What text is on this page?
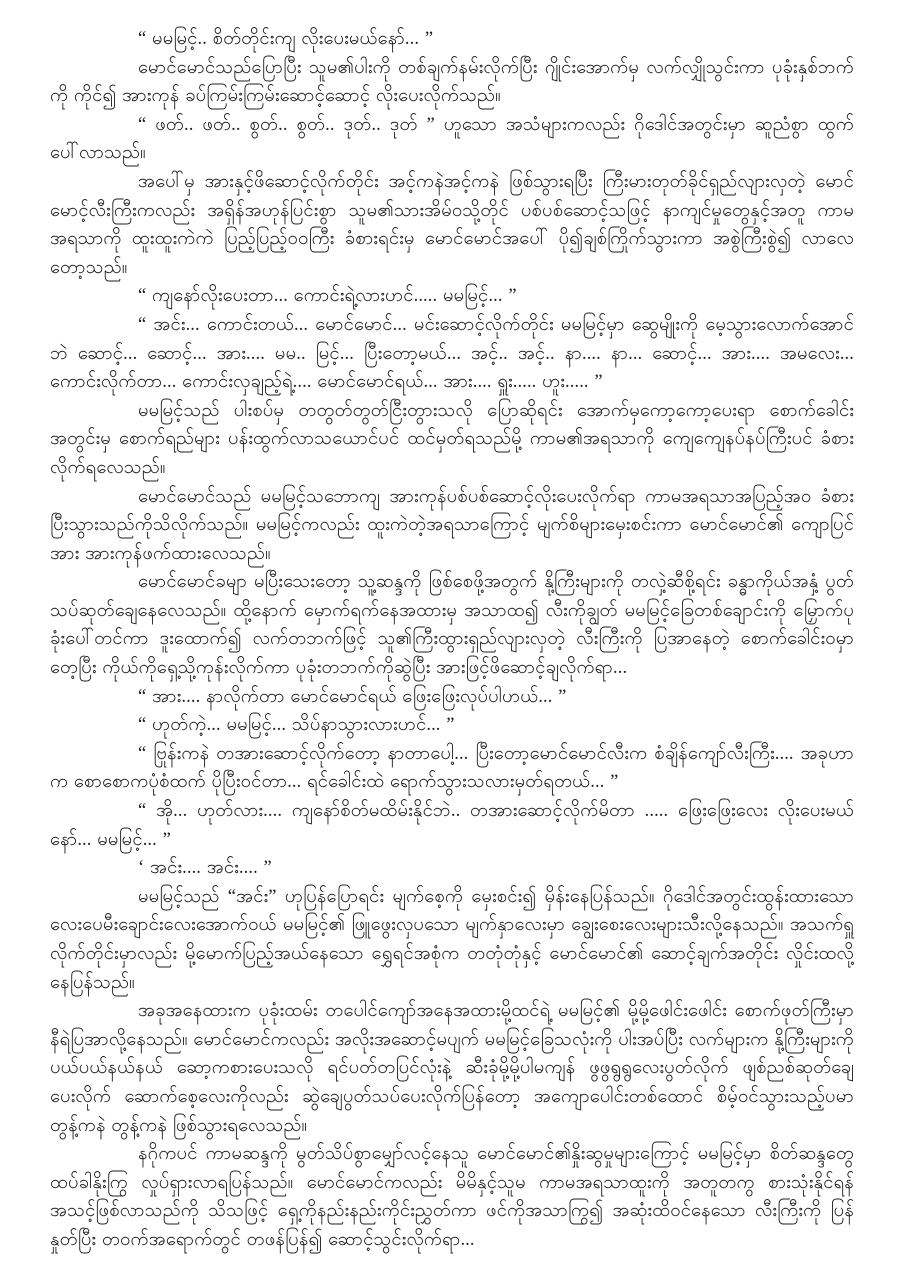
“ မမမြင့်.. စိတ်တိုင်းကျ လိုးပေးမယ်နော်... ”

မောင်မောင်သည်ပြောပြီး သူမ၏ပါးကို တစ်ချက်နမ်းလိုက်ပြီး ဂျိုင်းအောက်မှ လက်လျှိုသွင်းကာ ပုခုံးနှစ်ဘက်ကို ကိုင်၍ အားကုန် ခပ်ကြမ်းကြမ်းဆောင့်ဆောင့် လိုးပေးလိုက်သည်။

“ ဖတ်.. ဖတ်.. စွတ်.. စွတ်.. ဒုတ်.. ဒုတ် ” ဟူသော အသံများကလည်း ဂိုဒေါင်အတွင်းမှာ ဆူညံစွာ ထွက်ပေါ်လာသည်။

အပေါ်မှ အားနှင့်ဖိဆောင့်လိုက်တိုင်း အင့်ကနဲအင့်ကနဲ ဖြစ်သွားရပြီး ကြီးမားတုတ်ခိုင်ရှည်လျားလှတဲ့ မောင်မောင့်လီးကြီးကလည်း အရှိန်အဟုန်ပြင်းစွာ သူမ၏သားအိမ်ဝသို့တိုင် ပစ်ပစ်ဆောင့်သဖြင့် နာကျင်မှုတွေနှင့်အတူ ကာမအရသာကို ထူးထူးကဲကဲ ပြည့်ပြည့်ဝဝကြီး ခံစားရင်းမှ မောင်မောင်အပေါ် ပို၍ချစ်ကြိုက်သွားကာ အစွဲကြီးစွဲ၍ လာလေတော့သည်။

“ ကျနော်လိုးပေးတာ... ကောင်းရဲ့လားဟင်..... မမမြင့်... ”

“ အင်း... ကောင်းတယ်... မောင်မောင်... မင်းဆောင့်လိုက်တိုင်း မမမြင့်မှာ ဆွေမျိုးကို မေ့သွားလောက်အောင်ဘဲ ဆောင့်... ဆောင့်... အား.... မမ.. မြင့်... ပြီးတော့မယ်... အင့်.. အင့်.. နာ.... နာ... ဆောင့်... အား.... အမလေး... ကောင်းလိုက်တာ... ကောင်းလှချည့်ရဲ့.... မောင်မောင်ရယ်... အား.... ရှူး..... ဟူး..... ”

မမမြင့်သည် ပါးစပ်မှ တတွတ်တွတ်ငြီးတွားသလို ပြောဆိုရင်း အောက်မှကော့ကော့ပေးရာ စောက်ခေါင်းအတွင်းမှ စောက်ရည်များ ပန်းထွက်လာသယောင်ပင် ထင်မှတ်ရသည်မို့ ကာမ၏အရသာကို ကျေကျေနပ်နပ်ကြီးပင် ခံစားလိုက်ရလေသည်။

မောင်မောင်သည် မမမြင့်သဘောကျ အားကုန်ပစ်ပစ်ဆောင့်လိုးပေးလိုက်ရာ ကာမအရသာအပြည့်အဝ ခံစားပြီးသွားသည်ကိုသိလိုက်သည်။ မမမြင့်ကလည်း ထူးကဲတဲ့အရသာကြောင့် မျက်စိများမှေးစင်းကာ မောင်မောင်၏ ကျောပြင်အား အားကုန်ဖက်ထားလေသည်။

မောင်မောင်ခမျာ မပြီးသေးတော့ သူ့ဆန္ဒကို ဖြစ်စေဖို့အတွက် နို့ကြီးများကို တလှဲ့ဆီစို့ရင်း ခန္ဓာကိုယ်အနှံ့ ပွတ်သပ်ဆုတ်ချေနေလေသည်။ ထို့နောက် မှောက်ရက်နေအထားမှ အသာထ၍ လီးကိုချွတ် မမမြင့်ခြေတစ်ချောင်းကို မြှောက်ပုခုံးပေါ်တင်ကာ ဒူးထောက်၍ လက်တဘက်ဖြင့် သူ၏ကြီးထွားရှည်လျားလှတဲ့ လီးကြီးကို ပြအာနေတဲ့ စောက်ခေါင်းဝမှာ တေ့ပြီး ကိုယ်ကိုရှေ့သို့ကုန်းလိုက်ကာ ပုခုံးတဘက်ကိုဆွဲပြီး အားဖြင့်ဖိဆောင့်ချလိုက်ရာ...

“ အား.... နာလိုက်တာ မောင်မောင်ရယ် ဖြေးဖြေးလုပ်ပါဟယ်... ”

“ ဟုတ်ကဲ့... မမမြင့်... သိပ်နာသွားလားဟင်... ”

“ ဗြုန်းကနဲ တအားဆောင့်လိုက်တော့ နာတာပေါ့... ပြီးတော့မောင်မောင်လီးက စံချိန်ကျော်လီးကြီး.... အခုဟာက စောစောကပုံစံထက် ပိုပြီးဝင်တာ... ရင်ခေါင်းထဲ ရောက်သွားသလားမှတ်ရတယ်... ”

“ အို... ဟုတ်လား.... ကျနော်စိတ်မထိမ်းနိုင်ဘဲ.. တအားဆောင့်လိုက်မိတာ ..... ဖြေးဖြေးလေး လိုးပေးမယ်နော်... မမမြင့်... ”

‘ အင်း.... အင်း.... ”

မမမြင့်သည် “အင်း” ဟုပြန်ပြောရင်း မျက်စေ့ကို မှေးစင်း၍ မှိန်းနေပြန်သည်။ ဂိုဒေါင်အတွင်းထွန်းထားသော လေးပေမီးချောင်းလေးအောက်ဝယ် မမမြင့်၏ ဖြူဖွေးလှပသော မျက်နှာလေးမှာ ချွေးစေးလေးများသီးလို့နေသည်။ အသက်ရှူလိုက်တိုင်းမှာလည်း မို့မောက်ပြည့်အယ်နေသော ရွှေရင်အစုံက တတုံတုံနှင့် မောင်မောင်၏ ဆောင့်ချက်အတိုင်း လှိုင်းထလို့နေပြန်သည်။

အခုအနေထားက ပုခုံးထမ်း တပေါင်ကျော်အနေအထားမို့ထင်ရဲ့ မမမြင့်၏ မို့မို့ဖေါင်းဖေါင်း စောက်ဖုတ်ကြီးမှာ နီရဲပြအာလို့နေသည်။ မောင်မောင်ကလည်း အလိုးအဆောင့်မပျက် မမမြင့်ခြေသလုံးကို ပါးအပ်ပြီး လက်များက နို့ကြီးများကို ပယ်ပယ်နယ်နယ် ဆော့ကစားပေးသလို ရင်ပတ်တပြင်လုံးနဲ့ ဆီးခုံမို့မို့ပါမကျန် ဖွဖွရွရွလေးပွတ်လိုက် ဖျစ်ညစ်ဆုတ်ချေပေးလိုက် ဆောက်စေ့လေးကိုလည်း ဆွဲချေပွတ်သပ်ပေးလိုက်ပြန်တော့ အကျောပေါင်းတစ်ထောင် စိမ့်ဝင်သွားသည့်ပမာ တွန့်ကနဲ တွန့်ကနဲ ဖြစ်သွားရလေသည်။

နဂိုကပင် ကာမဆန္ဒကို မွတ်သိပ်စွာမျှော်လင့်နေသူ မောင်မောင်၏နှိုးဆွမှုများကြောင့် မမမြင့်မှာ စိတ်ဆန္ဒတွေ ထပ်ခါနိုးကြွ လှုပ်ရှားလာရပြန်သည်။ မောင်မောင်ကလည်း မိမိနှင့်သူမ ကာမအရသာထူးကို အတူတကွ စားသုံးနိုင်ရန် အသင့်ဖြစ်လာသည်ကို သိသဖြင့် ရှေ့ကိုနည်းနည်းကိုင်းညွှတ်ကာ ဖင်ကိုအသာကြွ၍ အဆုံးထိဝင်နေသော လီးကြီးကို ပြန်နှုတ်ပြီး တဝက်အရောက်တွင် တဖန်ပြန်၍ ဆောင့်သွင်းလိုက်ရာ...
